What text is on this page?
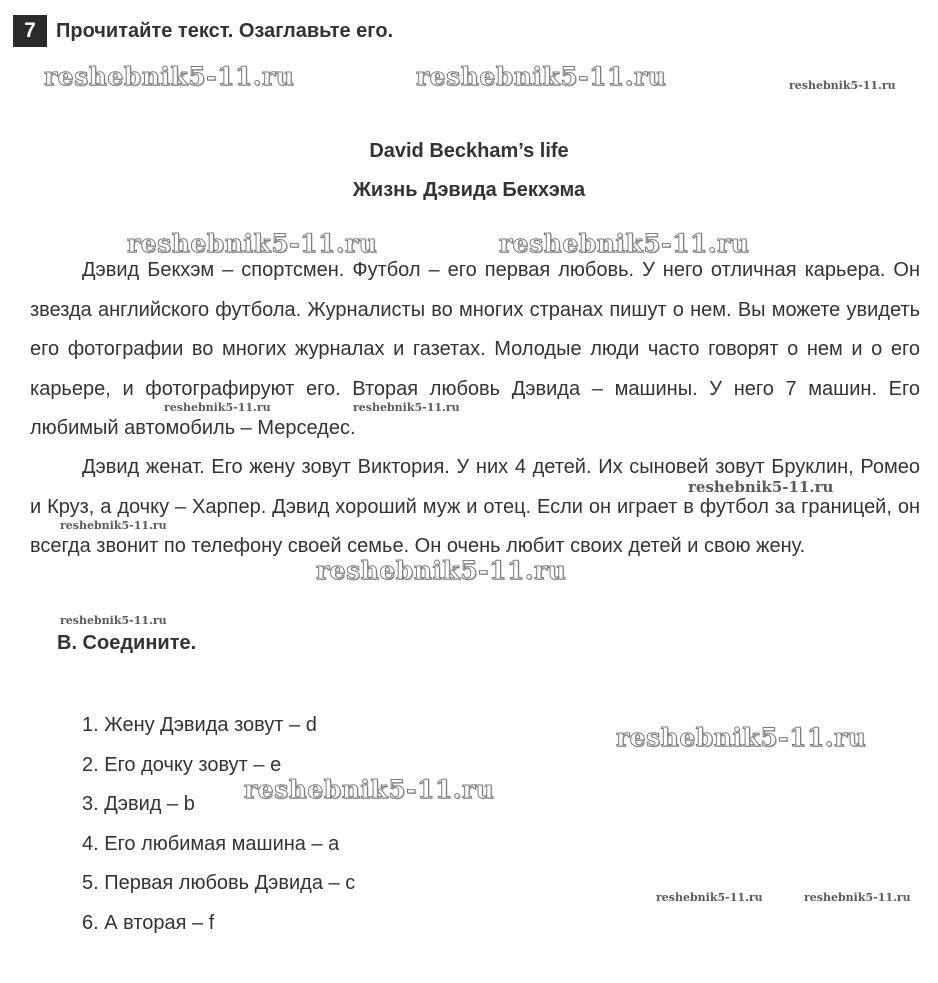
7	Прочитайте текст. Озаглавьте его.
David Beckham’s life
Жизнь Дэвида Бекхэма

Дэвид Бекхэм – спортсмен. Футбол – его первая любовь. У него отличная карьера. Он звезда английского футбола. Журналисты во многих странах пишут о нем. Вы можете увидеть его фотографии во многих журналах и газетах. Молодые люди часто говорят о нем и о его карьере, и фотографируют его. Вторая любовь Дэвида – машины. У него 7 машин. Его любимый автомобиль – Мерседес.

Дэвид женат. Его жену зовут Виктория. У них 4 детей. Их сыновей зовут Бруклин, Ромео и Круз, а дочку – Харпер. Дэвид хороший муж и отец. Если он играет в футбол за границей, он всегда звонит по телефону своей семье. Он очень любит своих детей и свою жену.

B. Соедините.
1. Жену Дэвида зовут – d
2. Его дочку зовут – е
3. Дэвид – b
4. Его любимая машина – a
5. Первая любовь Дэвида – c
6. А вторая – f
reshebnik5-11.ru	reshebnik5-11.ru	reshebnik5-11.ru
reshebnik5-11.ru	reshebnik5-11.ru
reshebnik5-11.ru	reshebnik5-11.ru
reshebnik5-11.ru
reshebnik5-11.ru
reshebnik5-11.ru
reshebnik5-11.ru
reshebnik5-11.ru
reshebnik5-11.ru
reshebnik5-11.ru	reshebnik5-11.ru
